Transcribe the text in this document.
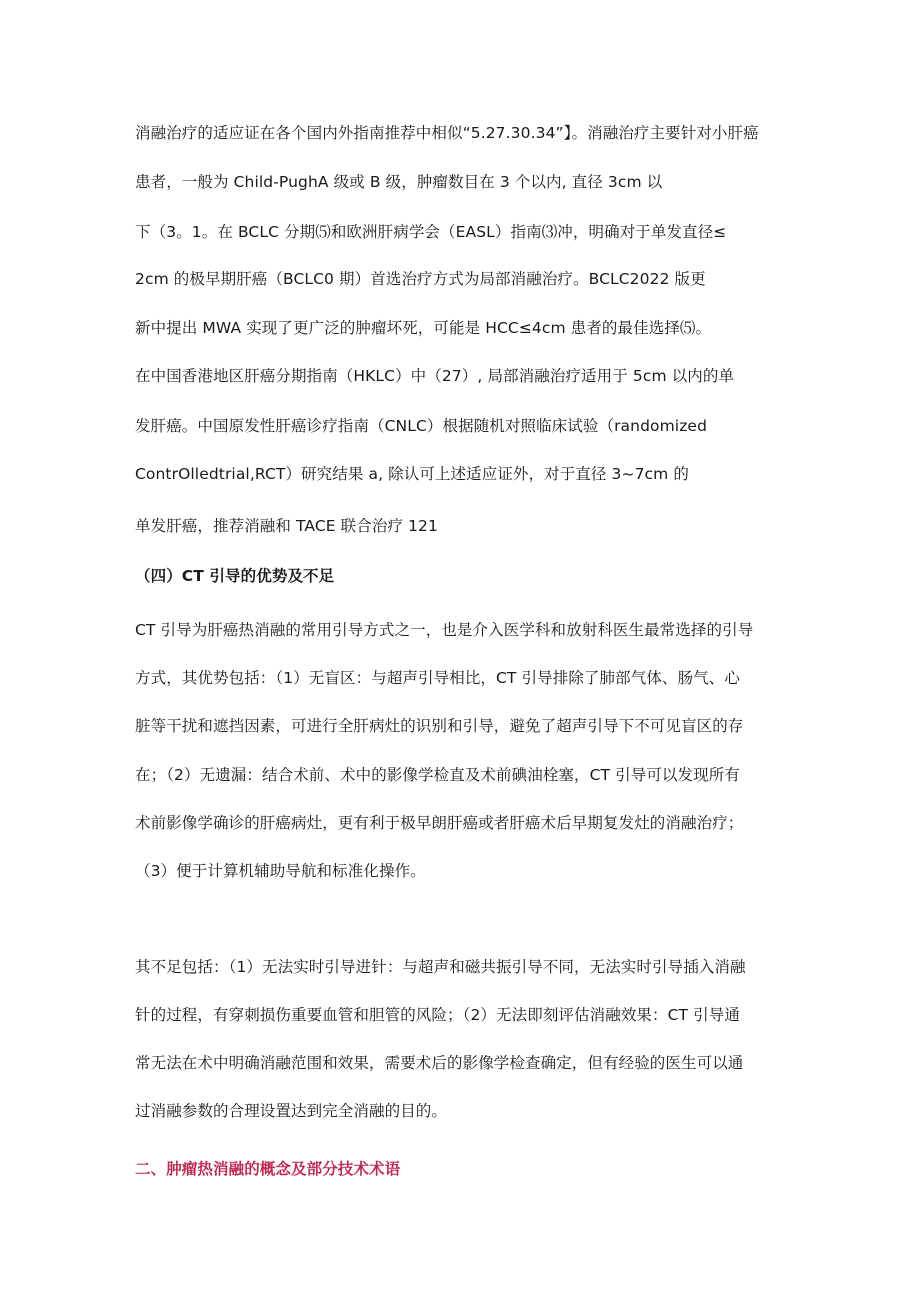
消融治疗的适应证在各个国内外指南推荐中相似“5.27.30.34”】。消融治疗主要针对小肝癌
患者，一般为 Child-PughA 级或 B 级，肿瘤数目在 3 个以内, 直径 3cm 以
下（3。1。在 BCLC 分期⑸和欧洲肝病学会（EASL）指南⑶冲，明确对于单发直径≤
2cm 的极早期肝癌（BCLC0 期）首选治疗方式为局部消融治疗。BCLC2022 版更
新中提出 MWA 实现了更广泛的肿瘤坏死，可能是 HCC≤4cm 患者的最佳选择⑸。
在中国香港地区肝癌分期指南（HKLC）中（27）, 局部消融治疗适用于 5cm 以内的单
发肝癌。中国原发性肝癌诊疗指南（CNLC）根据随机对照临床试验（randomized
ContrOlledtrial,RCT）研究结果 a, 除认可上述适应证外，对于直径 3~7cm 的
单发肝癌，推荐消融和 TACE 联合治疗 121
（四）CT 引导的优势及不足
CT 引导为肝癌热消融的常用引导方式之一，也是介入医学科和放射科医生最常选择的引导
方式，其优势包括：（1）无盲区：与超声引导相比，CT 引导排除了肺部气体、肠气、心
脏等干扰和遮挡因素，可进行全肝病灶的识别和引导，避免了超声引导下不可见盲区的存
在；（2）无遗漏：结合术前、术中的影像学检直及术前碘油栓塞，CT 引导可以发现所有
术前影像学确诊的肝癌病灶，更有利于极早朗肝癌或者肝癌术后早期复发灶的消融治疗；
（3）便于计算机辅助导航和标准化操作。
其不足包括：（1）无法实时引导进针：与超声和磁共振引导不同，无法实时引导插入消融
针的过程，有穿刺损伤重要血管和胆管的风险；（2）无法即刻评估消融效果：CT 引导通
常无法在术中明确消融范围和效果，需要术后的影像学检查确定，但有经验的医生可以通
过消融参数的合理设置达到完全消融的目的。
二、肿瘤热消融的概念及部分技术术语
